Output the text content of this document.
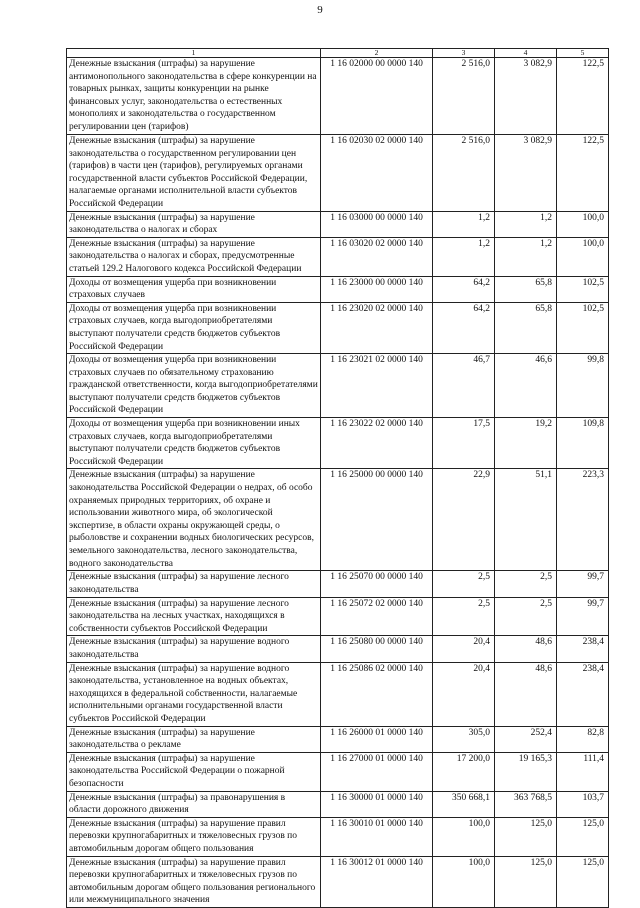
9
1	2	3	4	5
Денежные взыскания (штрафы) за нарушение антимонопольного законодательства в сфере конкуренции на товарных рынках, защиты конкуренции на рынке финансовых услуг, законодательства о естественных монополиях и законодательства о государственном регулировании цен (тарифов)	1 16 02000 00 0000 140	2 516,0	3 082,9	122,5
Денежные взыскания (штрафы) за нарушение законодательства о государственном регулировании цен (тарифов) в части цен (тарифов), регулируемых органами государственной власти субъектов Российской Федерации, налагаемые органами исполнительной власти субъектов Российской Федерации	1 16 02030 02 0000 140	2 516,0	3 082,9	122,5
Денежные взыскания (штрафы) за нарушение законодательства о налогах и сборах	1 16 03000 00 0000 140	1,2	1,2	100,0
Денежные взыскания (штрафы) за нарушение законодательства о налогах и сборах, предусмотренные статьей 129.2 Налогового кодекса Российской Федерации	1 16 03020 02 0000 140	1,2	1,2	100,0
Доходы от возмещения ущерба при возникновении страховых случаев	1 16 23000 00 0000 140	64,2	65,8	102,5
Доходы от возмещения ущерба при возникновении страховых случаев, когда выгодоприобретателями выступают получатели средств бюджетов субъектов Российской Федерации	1 16 23020 02 0000 140	64,2	65,8	102,5
Доходы от возмещения ущерба при возникновении страховых случаев по обязательному страхованию гражданской ответственности, когда выгодоприобретателями выступают получатели средств бюджетов субъектов Российской Федерации	1 16 23021 02 0000 140	46,7	46,6	99,8
Доходы от возмещения ущерба при возникновении иных страховых случаев, когда выгодоприобретателями выступают получатели средств бюджетов субъектов Российской Федерации	1 16 23022 02 0000 140	17,5	19,2	109,8
Денежные взыскания (штрафы) за нарушение законодательства Российской Федерации о недрах, об особо охраняемых природных территориях, об охране и использовании животного мира, об экологической экспертизе, в области охраны окружающей среды, о рыболовстве и сохранении водных биологических ресурсов, земельного законодательства, лесного законодательства, водного законодательства	1 16 25000 00 0000 140	22,9	51,1	223,3
Денежные взыскания (штрафы) за нарушение лесного законодательства	1 16 25070 00 0000 140	2,5	2,5	99,7
Денежные взыскания (штрафы) за нарушение лесного законодательства на лесных участках, находящихся в собственности субъектов Российской Федерации	1 16 25072 02 0000 140	2,5	2,5	99,7
Денежные взыскания (штрафы) за нарушение водного законодательства	1 16 25080 00 0000 140	20,4	48,6	238,4
Денежные взыскания (штрафы) за нарушение водного законодательства, установленное на водных объектах, находящихся в федеральной собственности, налагаемые исполнительными органами государственной власти субъектов Российской Федерации	1 16 25086 02 0000 140	20,4	48,6	238,4
Денежные взыскания (штрафы) за нарушение законодательства о рекламе	1 16 26000 01 0000 140	305,0	252,4	82,8
Денежные взыскания (штрафы) за нарушение законодательства Российской Федерации о пожарной безопасности	1 16 27000 01 0000 140	17 200,0	19 165,3	111,4
Денежные взыскания (штрафы) за правонарушения в области дорожного движения	1 16 30000 01 0000 140	350 668,1	363 768,5	103,7
Денежные взыскания (штрафы) за нарушение правил перевозки крупногабаритных и тяжеловесных грузов по автомобильным дорогам общего пользования	1 16 30010 01 0000 140	100,0	125,0	125,0
Денежные взыскания (штрафы) за нарушение правил перевозки крупногабаритных и тяжеловесных грузов по автомобильным дорогам общего пользования регионального или межмуниципального значения	1 16 30012 01 0000 140	100,0	125,0	125,0
